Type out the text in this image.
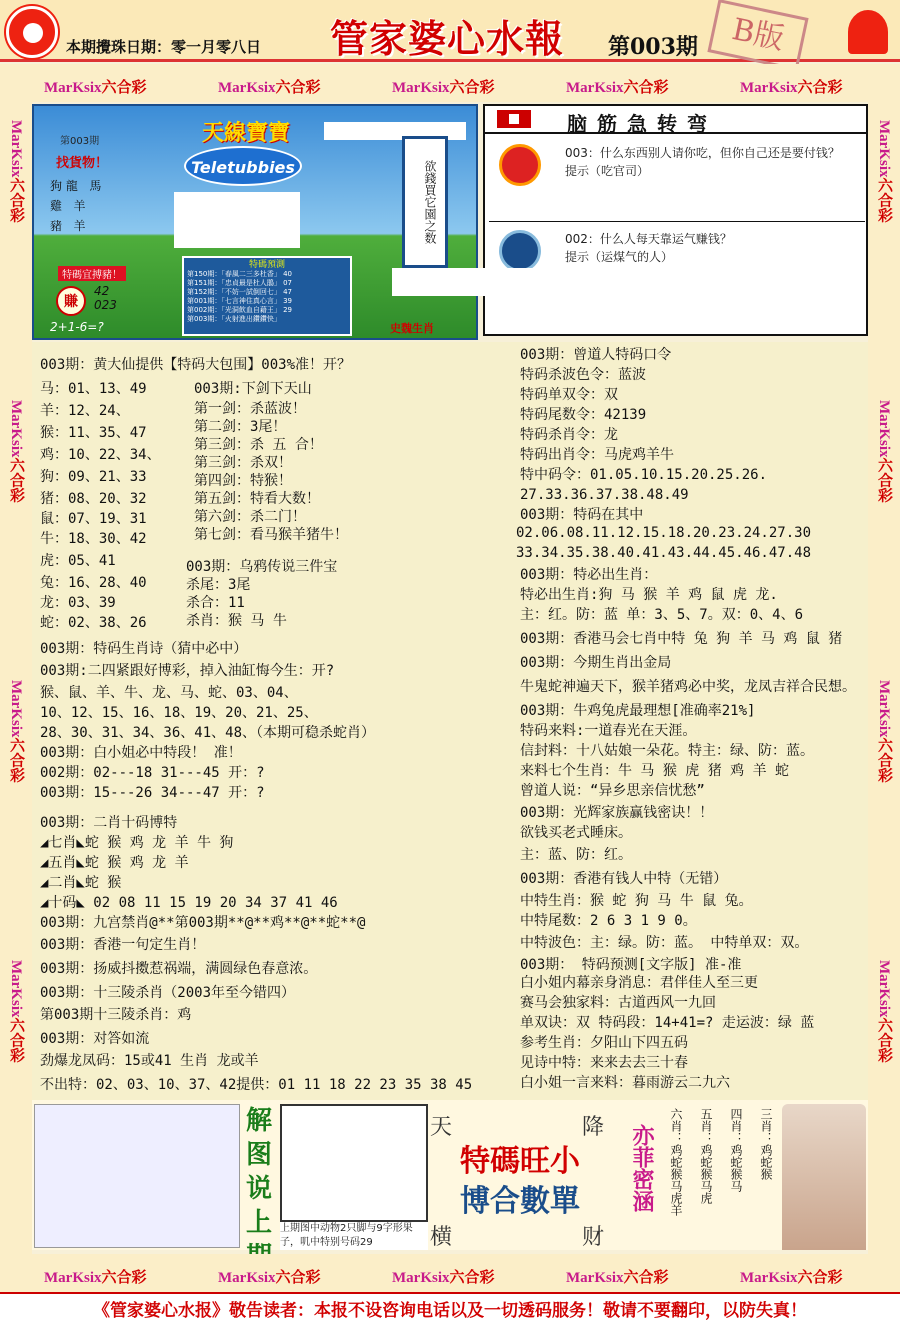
本期攪珠日期：零一月零八日 管家婆心水報 第003期	B版
MarKsix六合彩	MarKsix六合彩	MarKsix六合彩	MarKsix六合彩	MarKsix六合彩
MarKsix六合彩
MarKsix六合彩
MarKsix六合彩
MarKsix六合彩
MarKsix六合彩
MarKsix六合彩
MarKsix六合彩
MarKsix六合彩
第003期
找貨物！
天線寶寶
Teletubbies
狗 龍 馬
雞 羊
豬 羊
特碼宜搏豬！
欲錢買它園之数
特碼預測
第150期：「春風二三多杜香」 40
第151期：「忠貞最是杜人鵑」 07
第152期：「不妨一試倒回七」 47
第001期：「七言神住真心言」 39
第002期：「光洞飲血自藉王」 29
第003期：「火射進出鑽鑽快」
賺
42
023
2+1-6=?	史魏生肖
脑筋急转弯
003：什么东西别人请你吃，但你自己还是要付钱？
提示（吃官司）
002：什么人每天靠运气赚钱？
提示（运煤气的人）
003期：黄大仙提供【特码大包围】003%准！开？
马：01、13、49
羊：12、24、
猴：11、35、47
鸡：10、22、34、
狗：09、21、33
猪：08、20、32
鼠：07、19、31
牛：18、30、42
虎：05、41
兔：16、28、40
龙：03、39
蛇：02、38、26
003期:下剑下天山
第一剑：杀蓝波！
第二剑：3尾！
第三剑：杀 五 合！
第三剑：杀双！
第四剑：特猴！
第五剑：特看大数！
第六剑：杀二门！
第七剑：看马猴羊猪牛！
003期：乌鸦传说三件宝
杀尾：3尾
杀合：11
杀肖：猴 马 牛
003期：特码生肖诗（猜中必中）
003期:二四紧跟好博彩，掉入油缸悔今生：开?
猴、鼠、羊、牛、龙、马、蛇、03、04、
10、12、15、16、18、19、20、21、25、
28、30、31、34、36、41、48、（本期可稳杀蛇肖）
003期：白小姐必中特段！ 准！
002期：02---18 31---45 开：?
003期：15---26 34---47 开：?
003期：二肖十码博特
◢七肖◣蛇 猴 鸡 龙 羊 牛 狗
◢五肖◣蛇 猴 鸡 龙 羊
◢二肖◣蛇 猴
◢十码◣ 02 08 11 15 19 20 34 37 41 46
003期：九宫禁肖@**第003期**@**鸡**@**蛇**@
003期：香港一句定生肖！
003期：扬威抖擞惹祸端，满圆绿色春意浓。
003期：十三陵杀肖（2003年至今错四）
第003期十三陵杀肖：鸡
003期：对答如流
劲爆龙凤码：15或41 生肖 龙或羊
不出特：02、03、10、37、42提供：01 11 18 22 23 35 38 45
003期：曾道人特码口令
特码杀波色令：蓝波
特码单双令：双
特码尾数令：42139
特码杀肖令：龙
特码出肖令：马虎鸡羊牛
特中码令：01.05.10.15.20.25.26.
27.33.36.37.38.48.49
003期：特码在其中
02.06.08.11.12.15.18.20.23.24.27.30
33.34.35.38.40.41.43.44.45.46.47.48
003期：特必出生肖：
特必出生肖:狗 马 猴 羊 鸡 鼠 虎 龙.
主：红。防：蓝 单：3、5、7。双：0、4、6
003期：香港马会七肖中特 兔 狗 羊 马 鸡 鼠 猪
003期：今期生肖出金局
牛鬼蛇神遍天下，猴羊猪鸡必中奖，龙凤吉祥合民想。
003期：牛鸡兔虎最理想[准确率21%]
特码来料:一道春光在天涯。
信封料：十八姑娘一朵花。特主：绿、防：蓝。
来料七个生肖：牛 马 猴 虎 猪 鸡 羊 蛇
曾道人说：“异乡思亲信忧愁”
003期：光辉家族赢钱密诀！！
欲钱买老式睡床。
主：蓝、防：红。
003期：香港有钱人中特（无错）
中特生肖：猴 蛇 狗 马 牛 鼠 兔。
中特尾数：2 6 3 1 9 0。
中特波色：主：绿。防：蓝。 中特单双：双。
003期： 特码预测[文字版] 准-准
白小姐内幕亲身消息：君伴佳人至三更
赛马会独家料：古道西风一九回
单双诀：双 特码段：14+41=? 走运波：绿 蓝
参考生肖：夕阳山下四五码
见诗中特：来来去去三十春
白小姐一言来料：暮雨游云二九六
解图说上 上期图中动物2只脚与9字形果子，叽中特别号码29
天	降
横	财
特碼旺小
博合數單	亦菲密涵	三肖：鸡蛇猴
四肖：鸡蛇猴马
五肖：鸡蛇猴马虎
六肖：鸡蛇猴马虎羊
MarKsix六合彩	MarKsix六合彩	MarKsix六合彩	MarKsix六合彩	MarKsix六合彩
《管家婆心水报》敬告读者：本报不设咨询电话以及一切透码服务！敬请不要翻印，以防失真！
